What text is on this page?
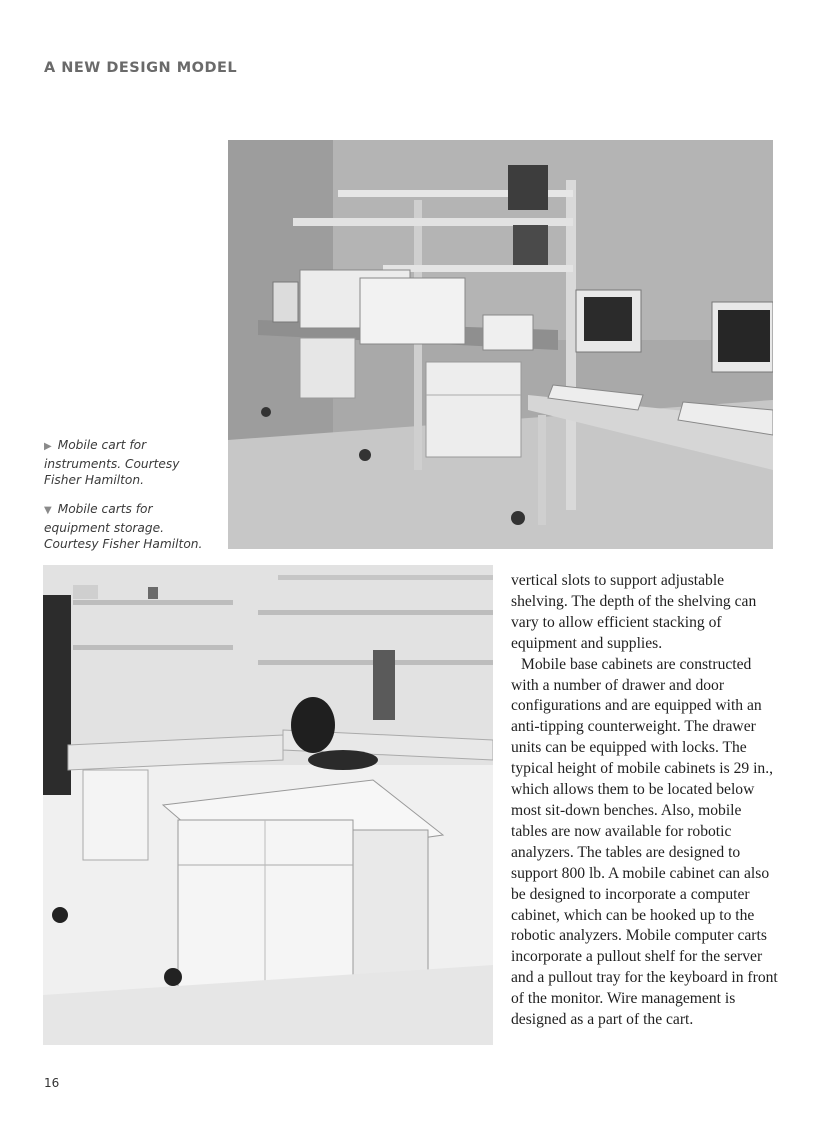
A NEW DESIGN MODEL
▶ Mobile cart for instruments. Courtesy Fisher Hamilton.
▼ Mobile carts for equipment storage. Courtesy Fisher Hamilton.

vertical slots to support adjustable shelving. The depth of the shelving can vary to allow efficient stacking of equipment and supplies.

Mobile base cabinets are constructed with a number of drawer and door configurations and are equipped with an anti-tipping counterweight. The drawer units can be equipped with locks. The typical height of mobile cabinets is 29 in., which allows them to be located below most sit-down benches. Also, mobile tables are now available for robotic analyzers. The tables are designed to support 800 lb. A mobile cabinet can also be designed to incorporate a computer cabinet, which can be hooked up to the robotic analyzers. Mobile computer carts incorporate a pullout shelf for the server and a pullout tray for the keyboard in front of the monitor. Wire management is designed as a part of the cart.

16
